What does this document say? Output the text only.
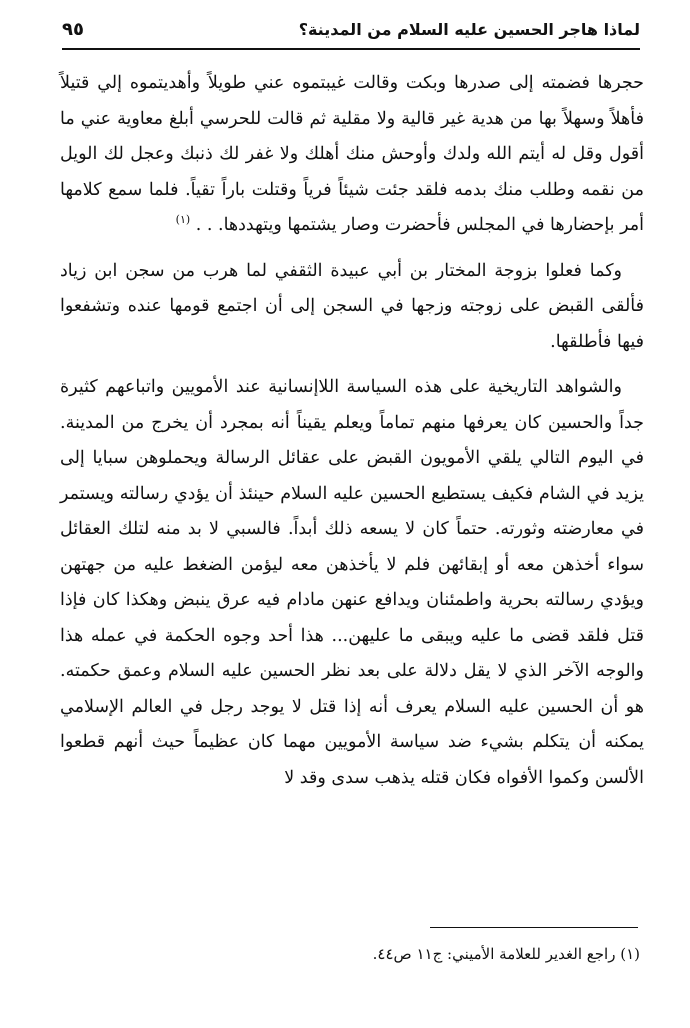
لماذا هاجر الحسين عليه السلام من المدينة؟
٩٥

حجرها فضمته إلى صدرها وبكت وقالت غيبتموه عني طويلاً وأهديتموه إلي قتيلاً فأهلاً وسهلاً بها من هدية غير قالية ولا مقلية ثم قالت للحرسي أبلغ معاوية عني ما أقول وقل له أيتم الله ولدك وأوحش منك أهلك ولا غفر لك ذنبك وعجل لك الويل من نقمه وطلب منك بدمه فلقد جئت شيئاً فرياً وقتلت باراً تقياً. فلما سمع كلامها أمر بإحضارها في المجلس فأحضرت وصار يشتمها ويتهددها. . . $^{(١)}$

وكما فعلوا بزوجة المختار بن أبي عبيدة الثقفي لما هرب من سجن ابن زياد فألقى القبض على زوجته وزجها في السجن إلى أن اجتمع قومها عنده وتشفعوا فيها فأطلقها.

والشواهد التاريخية على هذه السياسة اللاإنسانية عند الأمويين واتباعهم كثيرة جداً والحسين كان يعرفها منهم تماماً ويعلم يقيناً أنه بمجرد أن يخرج من المدينة. في اليوم التالي يلقي الأمويون القبض على عقائل الرسالة ويحملوهن سبايا إلى يزيد في الشام فكيف يستطيع الحسين عليه السلام حينئذ أن يؤدي رسالته ويستمر في معارضته وثورته. حتماً كان لا يسعه ذلك أبداً. فالسبي لا بد منه لتلك العقائل سواء أخذهن معه أو إبقائهن فلم لا يأخذهن معه ليؤمن الضغط عليه من جهتهن ويؤدي رسالته بحرية واطمئنان ويدافع عنهن مادام فيه عرق ينبض وهكذا كان فإذا قتل فلقد قضى ما عليه ويبقى ما عليهن... هذا أحد وجوه الحكمة في عمله هذا والوجه الآخر الذي لا يقل دلالة على بعد نظر الحسين عليه السلام وعمق حكمته. هو أن الحسين عليه السلام يعرف أنه إذا قتل لا يوجد رجل في العالم الإسلامي يمكنه أن يتكلم بشيء ضد سياسة الأمويين مهما كان عظيماً حيث أنهم قطعوا الألسن وكموا الأفواه فكان قتله يذهب سدى وقد لا

(١) راجع الغدير للعلامة الأميني: ج١١ ص٤٤.
